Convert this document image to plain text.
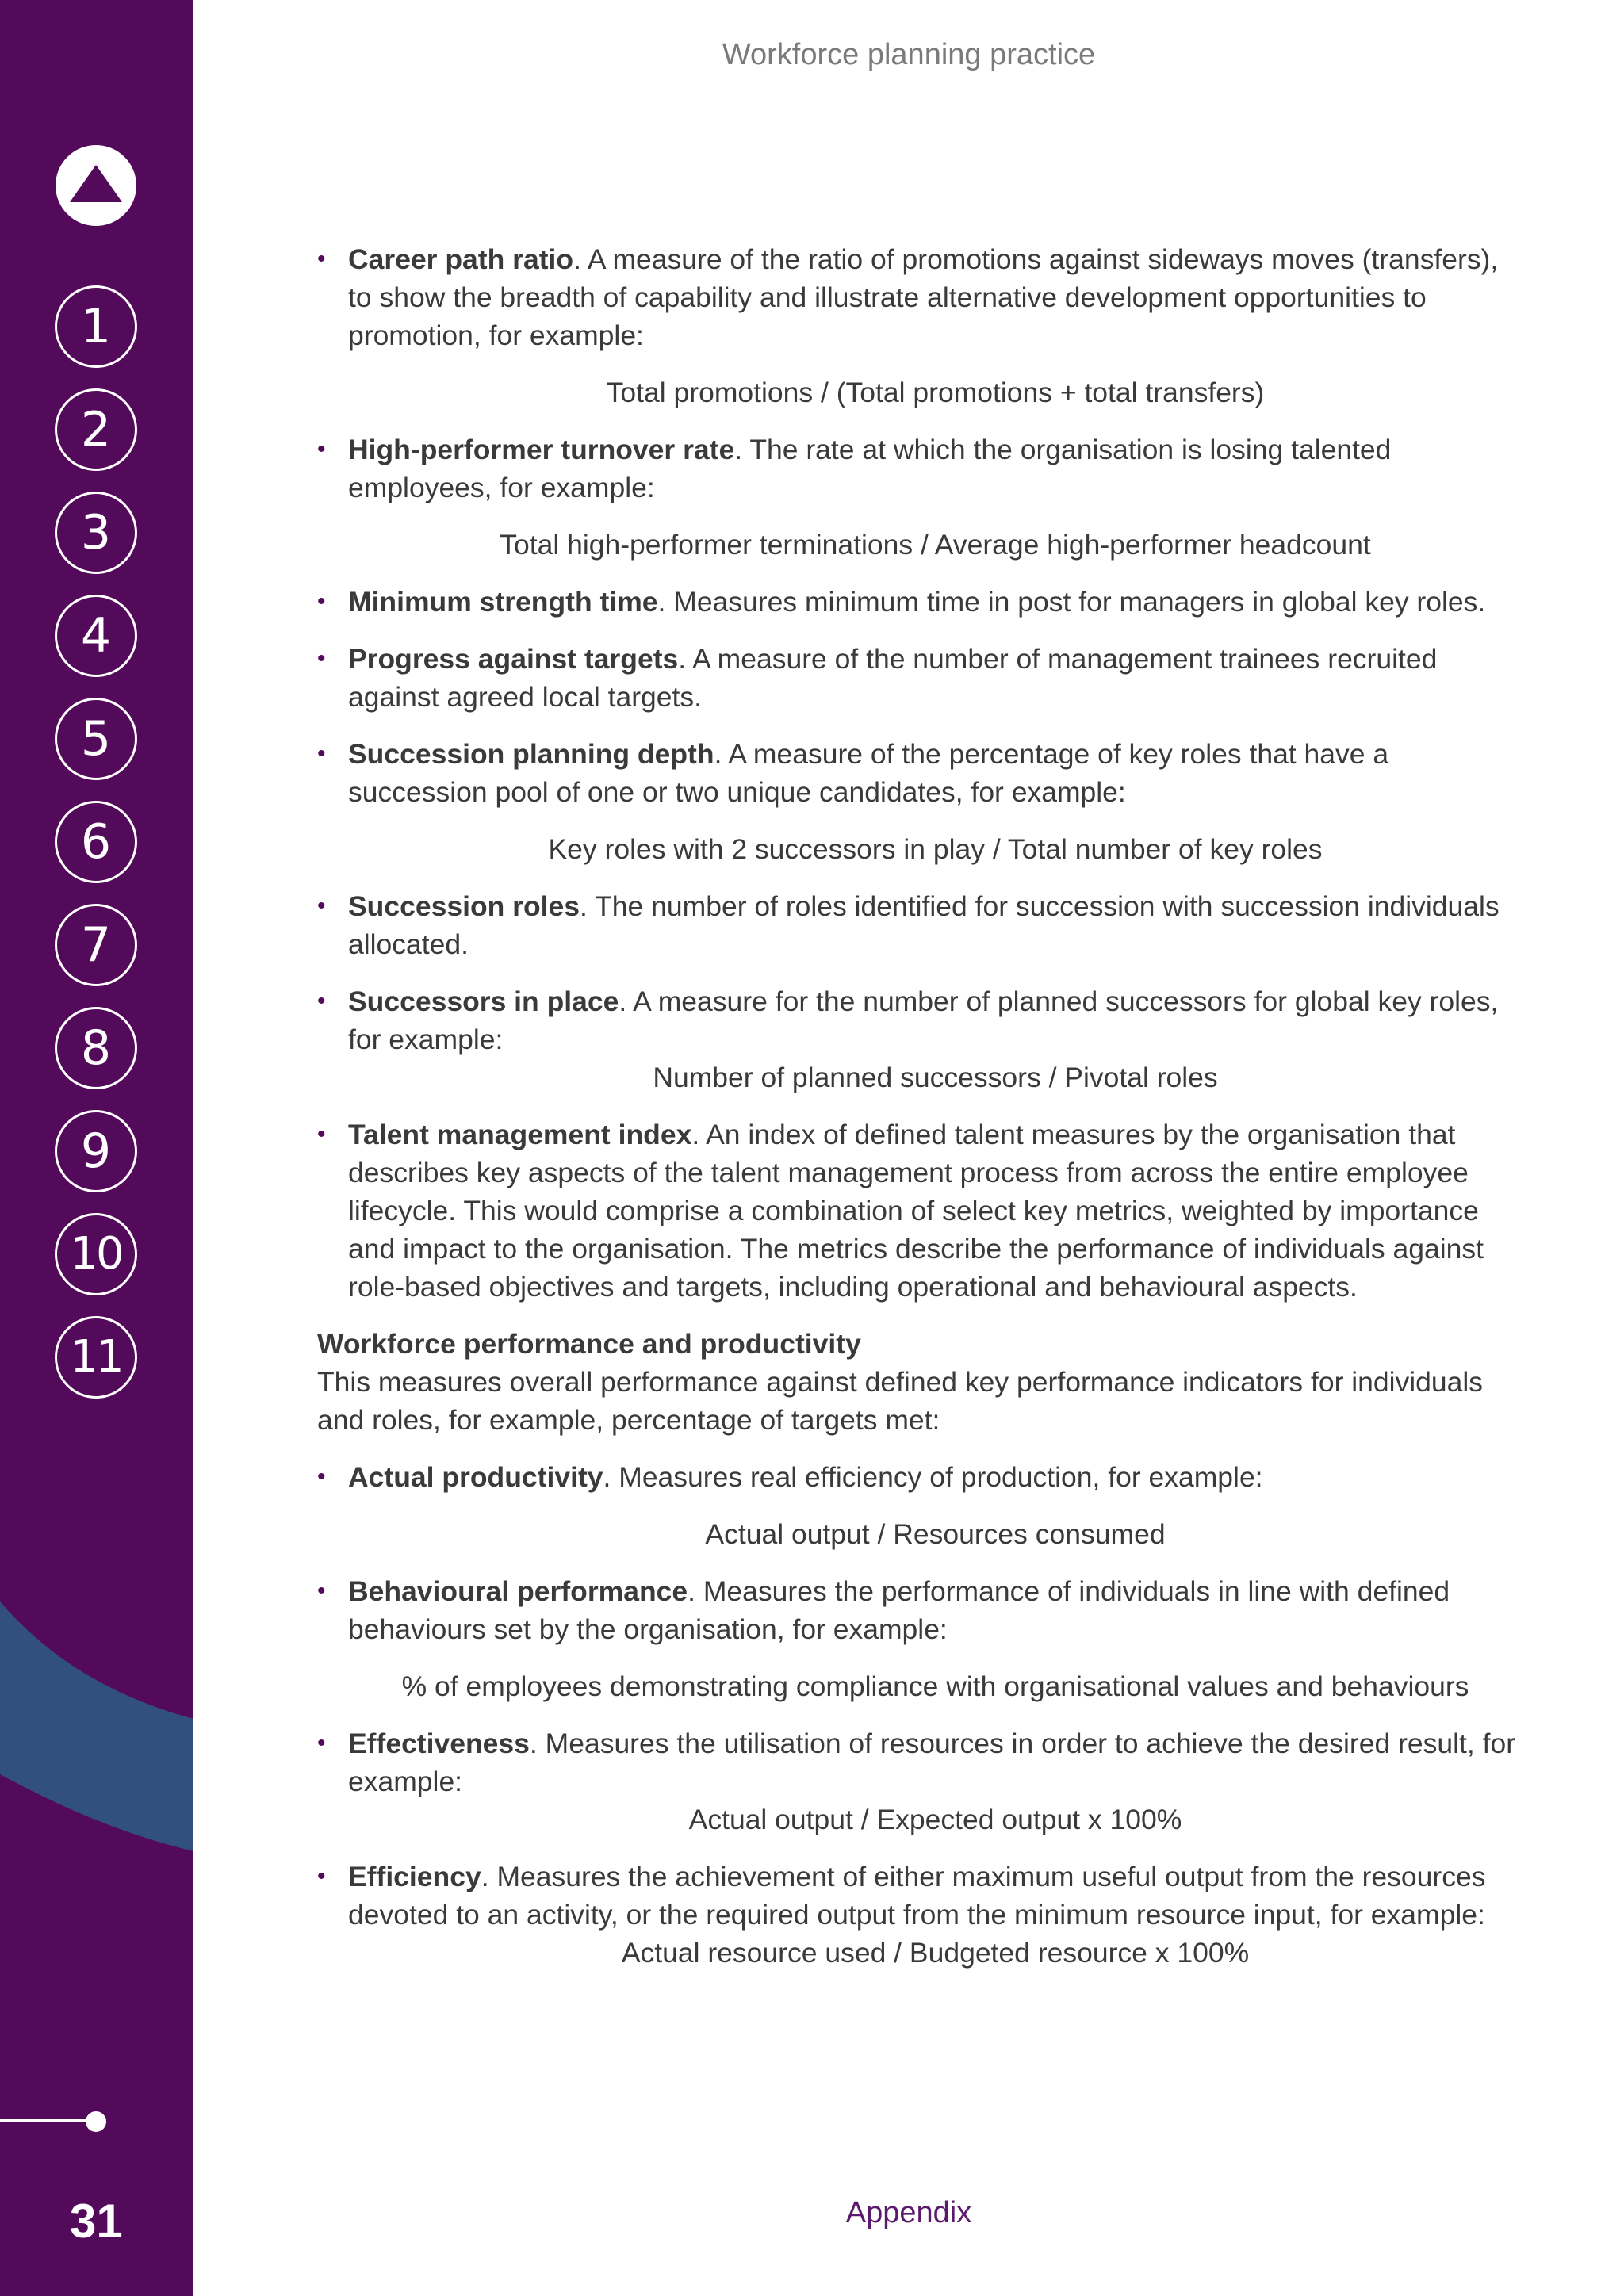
1
2
3
4
5
6
7
8
9
10
11
31
Workforce planning practice
• Career path ratio. A measure of the ratio of promotions against sideways moves (transfers), to show the breadth of capability and illustrate alternative development opportunities to promotion, for example:
Total promotions / (Total promotions + total transfers)
• High-performer turnover rate. The rate at which the organisation is losing talented employees, for example:
Total high-performer terminations / Average high-performer headcount
• Minimum strength time. Measures minimum time in post for managers in global key roles.
• Progress against targets. A measure of the number of management trainees recruited against agreed local targets.
• Succession planning depth. A measure of the percentage of key roles that have a succession pool of one or two unique candidates, for example:
Key roles with 2 successors in play / Total number of key roles
• Succession roles. The number of roles identified for succession with succession individuals allocated.
• Successors in place. A measure for the number of planned successors for global key roles, for example:
Number of planned successors / Pivotal roles
• Talent management index. An index of defined talent measures by the organisation that describes key aspects of the talent management process from across the entire employee lifecycle. This would comprise a combination of select key metrics, weighted by importance and impact to the organisation. The metrics describe the performance of individuals against role-based objectives and targets, including operational and behavioural aspects.
Workforce performance and productivity
This measures overall performance against defined key performance indicators for individuals and roles, for example, percentage of targets met:
• Actual productivity. Measures real efficiency of production, for example:
Actual output / Resources consumed
• Behavioural performance. Measures the performance of individuals in line with defined behaviours set by the organisation, for example:
% of employees demonstrating compliance with organisational values and behaviours
• Effectiveness. Measures the utilisation of resources in order to achieve the desired result, for example:
Actual output / Expected output x 100%
• Efficiency. Measures the achievement of either maximum useful output from the resources devoted to an activity, or the required output from the minimum resource input, for example:
Actual resource used / Budgeted resource x 100%
Appendix
